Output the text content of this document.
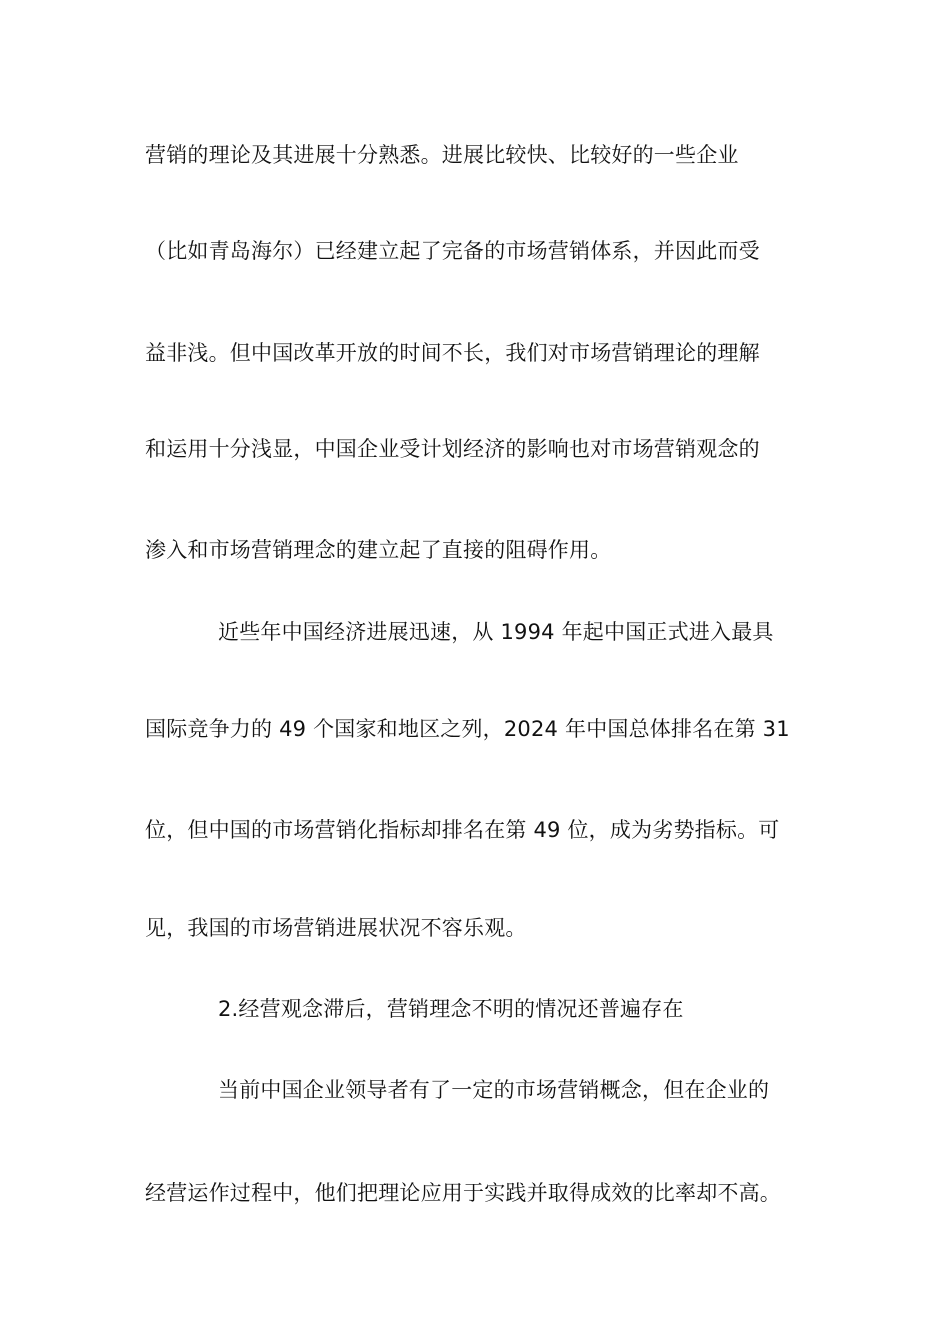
营销的理论及其进展十分熟悉。进展比较快、比较好的一些企业
（比如青岛海尔）已经建立起了完备的市场营销体系，并因此而受
益非浅。但中国改革开放的时间不长，我们对市场营销理论的理解
和运用十分浅显，中国企业受计划经济的影响也对市场营销观念的
渗入和市场营销理念的建立起了直接的阻碍作用。
近些年中国经济进展迅速，从 1994 年起中国正式进入最具
国际竞争力的 49 个国家和地区之列，2024 年中国总体排名在第 31
位，但中国的市场营销化指标却排名在第 49 位，成为劣势指标。可
见，我国的市场营销进展状况不容乐观。
2.经营观念滞后，营销理念不明的情况还普遍存在
当前中国企业领导者有了一定的市场营销概念，但在企业的
经营运作过程中，他们把理论应用于实践并取得成效的比率却不高。
